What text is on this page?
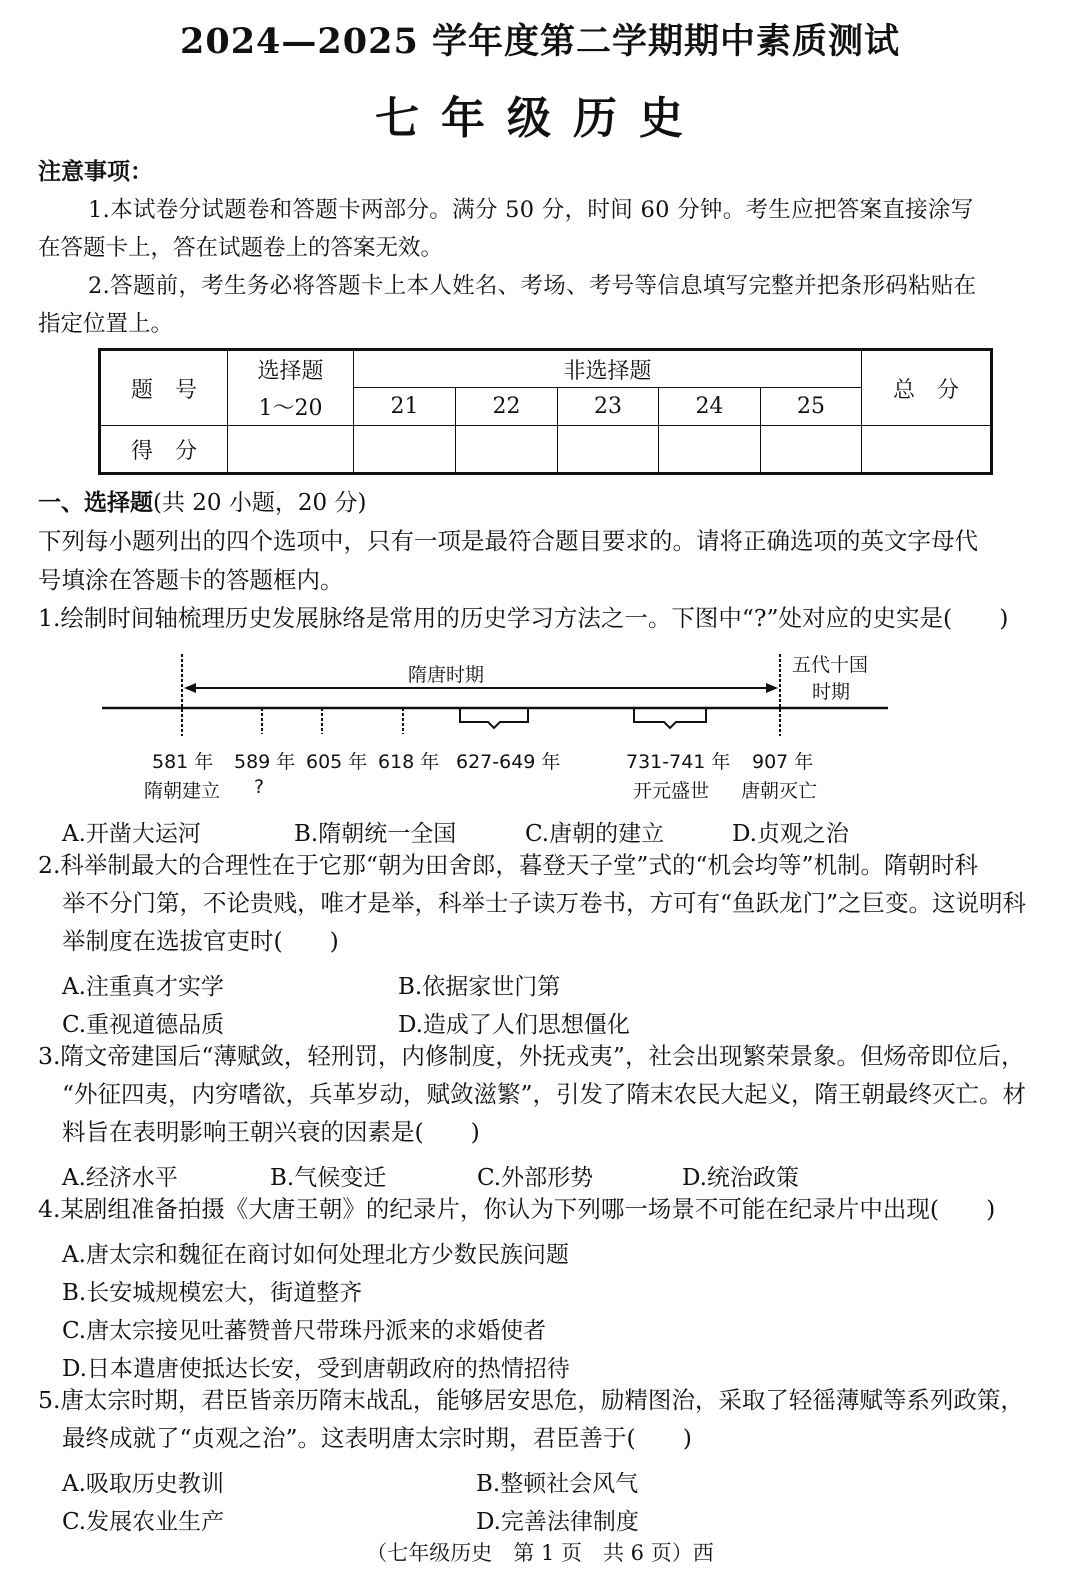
2024—2025 学年度第二学期期中素质测试
七年级历史
注意事项：
1.本试卷分试题卷和答题卡两部分。满分 50 分，时间 60 分钟。考生应把答案直接涂写
在答题卡上，答在试题卷上的答案无效。
2.答题前，考生务必将答题卡上本人姓名、考场、考号等信息填写完整并把条形码粘贴在
指定位置上。
题　号	选择题	非选择题					总　分
	1～20	21	22	23	24	25	
得　分							
一、选择题(共 20 小题，20 分)
下列每小题列出的四个选项中，只有一项是最符合题目要求的。请将正确选项的英文字母代
号填涂在答题卡的答题框内。
1.绘制时间轴梳理历史发展脉络是常用的历史学习方法之一。下图中“?”处对应的史实是(　　)
隋唐时期	五代十国
时期
581 年 589 年 605 年 618 年 627-649 年	731-741 年 907 年
隋朝建立 ?	开元盛世 唐朝灭亡
A.开凿大运河	B.隋朝统一全国	C.唐朝的建立	D.贞观之治
2.科举制最大的合理性在于它那“朝为田舍郎，暮登天子堂”式的“机会均等”机制。隋朝时科
举不分门第，不论贵贱，唯才是举，科举士子读万卷书，方可有“鱼跃龙门”之巨变。这说明科
举制度在选拔官吏时(　　)
A.注重真才实学	B.依据家世门第
C.重视道德品质	D.造成了人们思想僵化
3.隋文帝建国后“薄赋敛，轻刑罚，内修制度，外抚戎夷”，社会出现繁荣景象。但炀帝即位后，
“外征四夷，内穷嗜欲，兵革岁动，赋敛滋繁”，引发了隋末农民大起义，隋王朝最终灭亡。材
料旨在表明影响王朝兴衰的因素是(　　)
A.经济水平	B.气候变迁	C.外部形势	D.统治政策
4.某剧组准备拍摄《大唐王朝》的纪录片，你认为下列哪一场景不可能在纪录片中出现(　　)
A.唐太宗和魏征在商讨如何处理北方少数民族问题
B.长安城规模宏大，街道整齐
C.唐太宗接见吐蕃赞普尺带珠丹派来的求婚使者
D.日本遣唐使抵达长安，受到唐朝政府的热情招待
5.唐太宗时期，君臣皆亲历隋末战乱，能够居安思危，励精图治，采取了轻徭薄赋等系列政策，
最终成就了“贞观之治”。这表明唐太宗时期，君臣善于(　　)
A.吸取历史教训	B.整顿社会风气
C.发展农业生产	D.完善法律制度
（七年级历史　第 1 页　共 6 页）西
